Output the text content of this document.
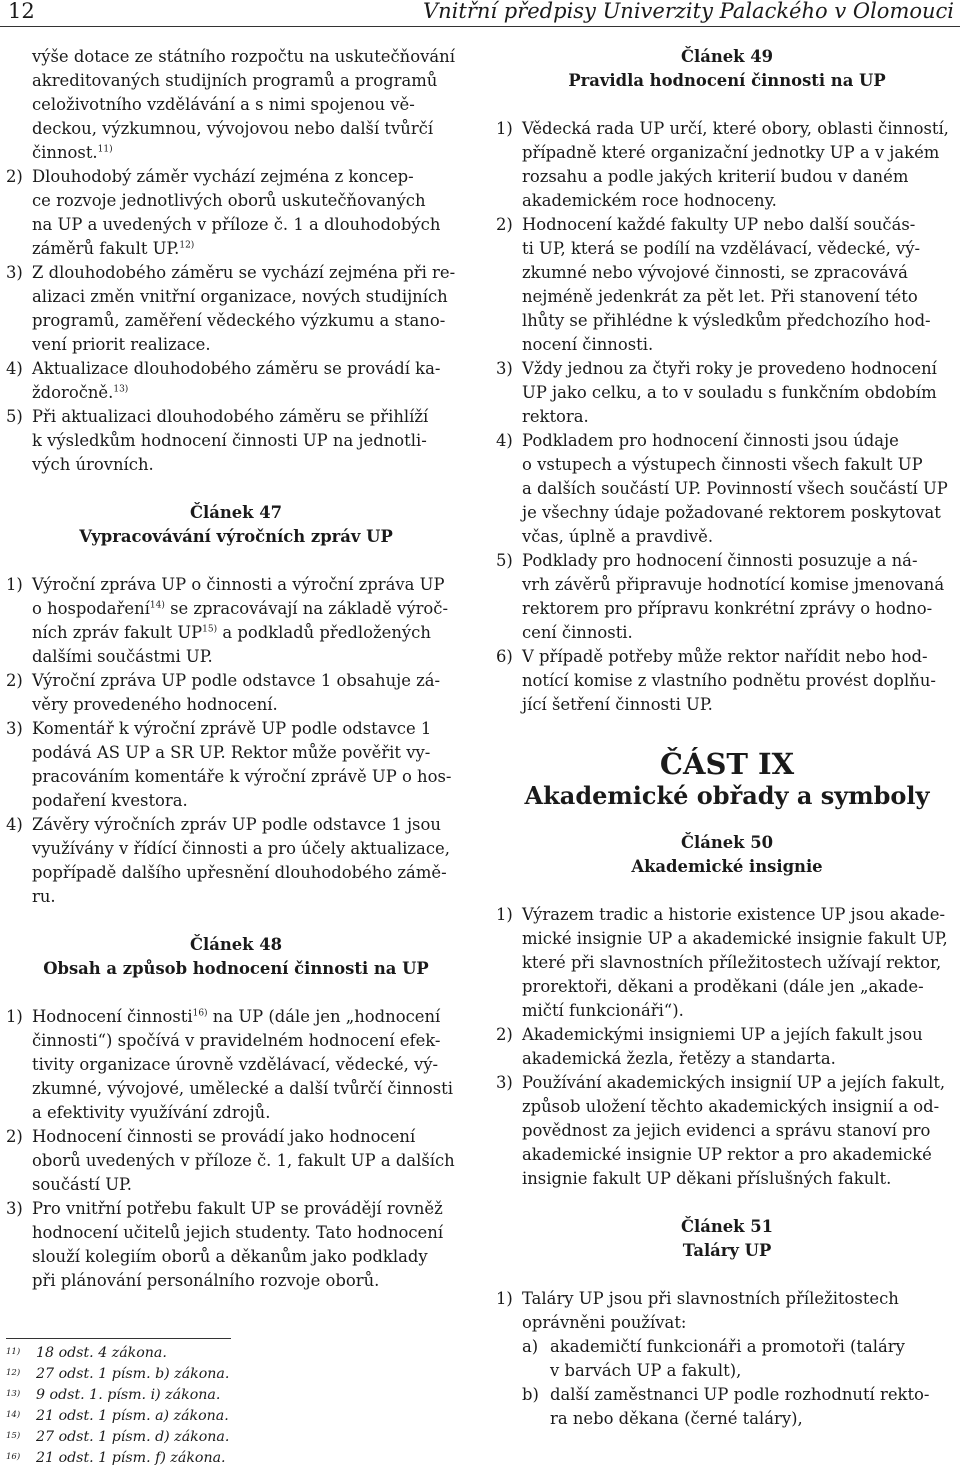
12	Vnitřní předpisy Univerzity Palackého v Olomouci

výše dotace ze státního rozpočtu na uskutečňování
akreditovaných studijních programů a programů
celoživotního vzdělávání a s nimi spojenou vě-
deckou, výzkumnou, vývojovou nebo další tvůrčí
činnost.$^{11)}$

2) Dlouhodobý záměr vychází zejména z koncep-
ce rozvoje jednotlivých oborů uskutečňovaných
na UP a uvedených v příloze č. 1 a dlouhodobých
záměrů fakult UP.$^{12)}$

3) Z dlouhodobého záměru se vychází zejména při re-
alizaci změn vnitřní organizace, nových studijních
programů, zaměření vědeckého výzkumu a stano-
vení priorit realizace.

4) Aktualizace dlouhodobého záměru se provádí ka-
ždoročně.$^{13)}$

5) Při aktualizaci dlouhodobého záměru se přihlíží
k výsledkům hodnocení činnosti UP na jednotli-
vých úrovních.

Článek 47
Vypracovávání výročních zpráv UP

1) Výroční zpráva UP o činnosti a výroční zpráva UP
o hospodaření$^{14)}$ se zpracovávají na základě výroč-
ních zpráv fakult UP$^{15)}$ a podkladů předložených
dalšími součástmi UP.

2) Výroční zpráva UP podle odstavce 1 obsahuje zá-
věry provedeného hodnocení.

3) Komentář k výroční zprávě UP podle odstavce 1
podává AS UP a SR UP. Rektor může pověřit vy-
pracováním komentáře k výroční zprávě UP o hos-
podaření kvestora.

4) Závěry výročních zpráv UP podle odstavce 1 jsou
využívány v řídící činnosti a pro účely aktualizace,
popřípadě dalšího upřesnění dlouhodobého zámě-
ru.

Článek 48
Obsah a způsob hodnocení činnosti na UP

1) Hodnocení činnosti$^{16)}$ na UP (dále jen „hodnocení
činnosti“) spočívá v pravidelném hodnocení efek-
tivity organizace úrovně vzdělávací, vědecké, vý-
zkumné, vývojové, umělecké a další tvůrčí činnosti
a efektivity využívání zdrojů.

2) Hodnocení činnosti se provádí jako hodnocení
oborů uvedených v příloze č. 1, fakult UP a dalších
součástí UP.

3) Pro vnitřní potřebu fakult UP se provádějí rovněž
hodnocení učitelů jejich studenty. Tato hodnocení
slouží kolegiím oborů a děkanům jako podklady
při plánování personálního rozvoje oborů.

11) 18 odst. 4 zákona.
12) 27 odst. 1 písm. b) zákona.
13) 9 odst. 1. písm. i) zákona.
14) 21 odst. 1 písm. a) zákona.
15) 27 odst. 1 písm. d) zákona.
16) 21 odst. 1 písm. f) zákona.
Článek 49
Pravidla hodnocení činnosti na UP

1) Vědecká rada UP určí, které obory, oblasti činností,
případně které organizační jednotky UP a v jakém
rozsahu a podle jakých kriterií budou v daném
akademickém roce hodnoceny.

2) Hodnocení každé fakulty UP nebo další součás-
ti UP, která se podílí na vzdělávací, vědecké, vý-
zkumné nebo vývojové činnosti, se zpracovává
nejméně jedenkrát za pět let. Při stanovení této
lhůty se přihlédne k výsledkům předchozího hod-
nocení činnosti.

3) Vždy jednou za čtyři roky je provedeno hodnocení
UP jako celku, a to v souladu s funkčním obdobím
rektora.

4) Podkladem pro hodnocení činnosti jsou údaje
o vstupech a výstupech činnosti všech fakult UP
a dalších součástí UP. Povinností všech součástí UP
je všechny údaje požadované rektorem poskytovat
včas, úplně a pravdivě.

5) Podklady pro hodnocení činnosti posuzuje a ná-
vrh závěrů připravuje hodnotící komise jmenovaná
rektorem pro přípravu konkrétní zprávy o hodno-
cení činnosti.

6) V případě potřeby může rektor nařídit nebo hod-
notící komise z vlastního podnětu provést doplňu-
jící šetření činnosti UP.

ČÁST IX
Akademické obřady a symboly
Článek 50
Akademické insignie

1) Výrazem tradic a historie existence UP jsou akade-
mické insignie UP a akademické insignie fakult UP,
které při slavnostních příležitostech užívají rektor,
prorektoři, děkani a proděkani (dále jen „akade-
mičtí funkcionáři“).

2) Akademickými insigniemi UP a jejích fakult jsou
akademická žezla, řetězy a standarta.

3) Používání akademických insignií UP a jejích fakult,
způsob uložení těchto akademických insignií a od-
povědnost za jejich evidenci a správu stanoví pro
akademické insignie UP rektor a pro akademické
insignie fakult UP děkani příslušných fakult.

Článek 51
Taláry UP

1) Taláry UP jsou při slavnostních příležitostech
oprávněni používat:

a) akademičtí funkcionáři a promotoři (taláry
v barvách UP a fakult),

b) další zaměstnanci UP podle rozhodnutí rekto-
ra nebo děkana (černé taláry),
